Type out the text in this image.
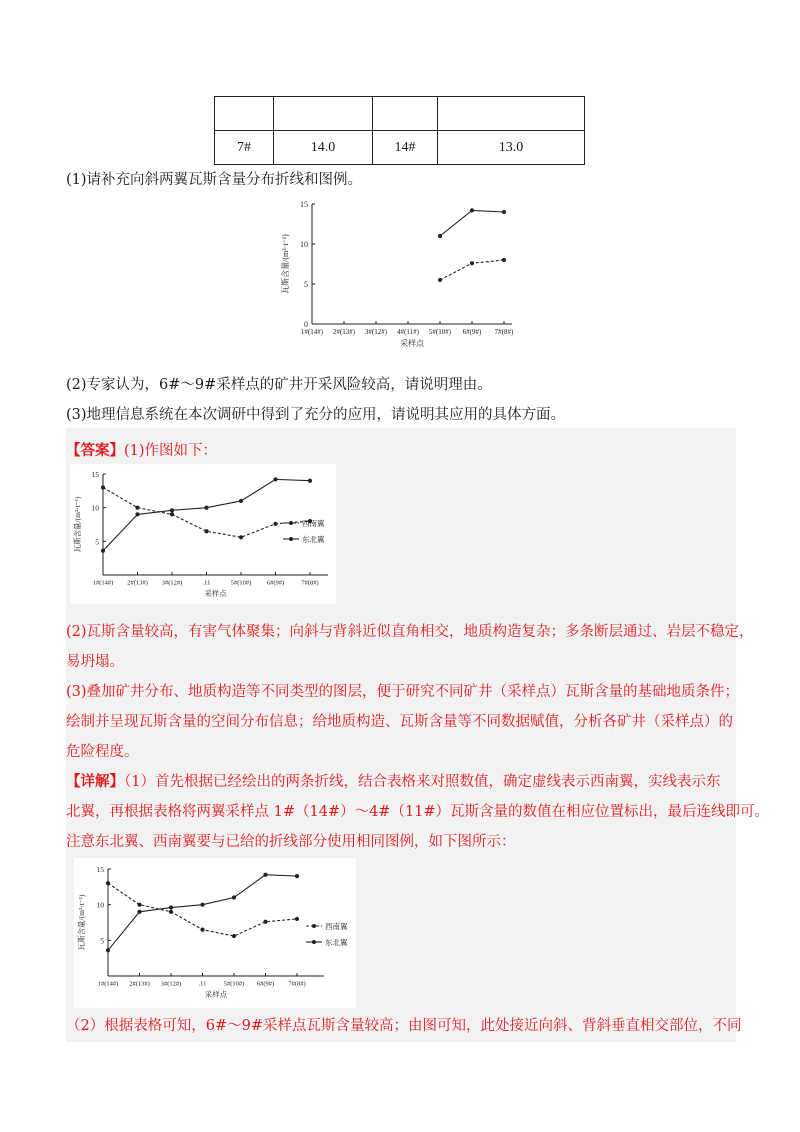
7#	14.0	14#	13.0
(1)请补充向斜两翼瓦斯含量分布折线和图例。
0
5
10
15
1#(14#) 2#(13#) 3#(12#) 4#(11#) 5#(10#) 6#(9#) 7#(8#)
采样点
瓦斯含量/(m³·t⁻¹)
(2)专家认为，6#～9#采样点的矿井开采风险较高，请说明理由。
(3)地理信息系统在本次调研中得到了充分的应用，请说明其应用的具体方面。
【答案】(1)作图如下：
5
10
15
1#(14#) 2#(13#) 3#(12#)	.11	5#(10#) 6#(9#)	7#(8#)
采样点
瓦斯含量/(m³·t⁻¹)	西南翼
东北翼
(2)瓦斯含量较高，有害气体聚集；向斜与背斜近似直角相交，地质构造复杂；多条断层通过、岩层不稳定，
易坍塌。
(3)叠加矿井分布、地质构造等不同类型的图层，便于研究不同矿井（采样点）瓦斯含量的基础地质条件；
绘制并呈现瓦斯含量的空间分布信息；给地质构造、瓦斯含量等不同数据赋值，分析各矿井（采样点）的
危险程度。
【详解】（1）首先根据已经绘出的两条折线，结合表格来对照数值，确定虚线表示西南翼，实线表示东
北翼，再根据表格将两翼采样点 1#（14#）～4#（11#）瓦斯含量的数值在相应位置标出，最后连线即可。
注意东北翼、西南翼要与已给的折线部分使用相同图例，如下图所示：
5
10
15
1#(14#) 2#(13#) 3#(12#)	.11	5#(10#) 6#(9#) 7#(8#)
采样点
瓦斯含量/(m³·t⁻¹)	西南翼
东北翼
（2）根据表格可知，6#～9#采样点瓦斯含量较高；由图可知，此处接近向斜、背斜垂直相交部位，不同
